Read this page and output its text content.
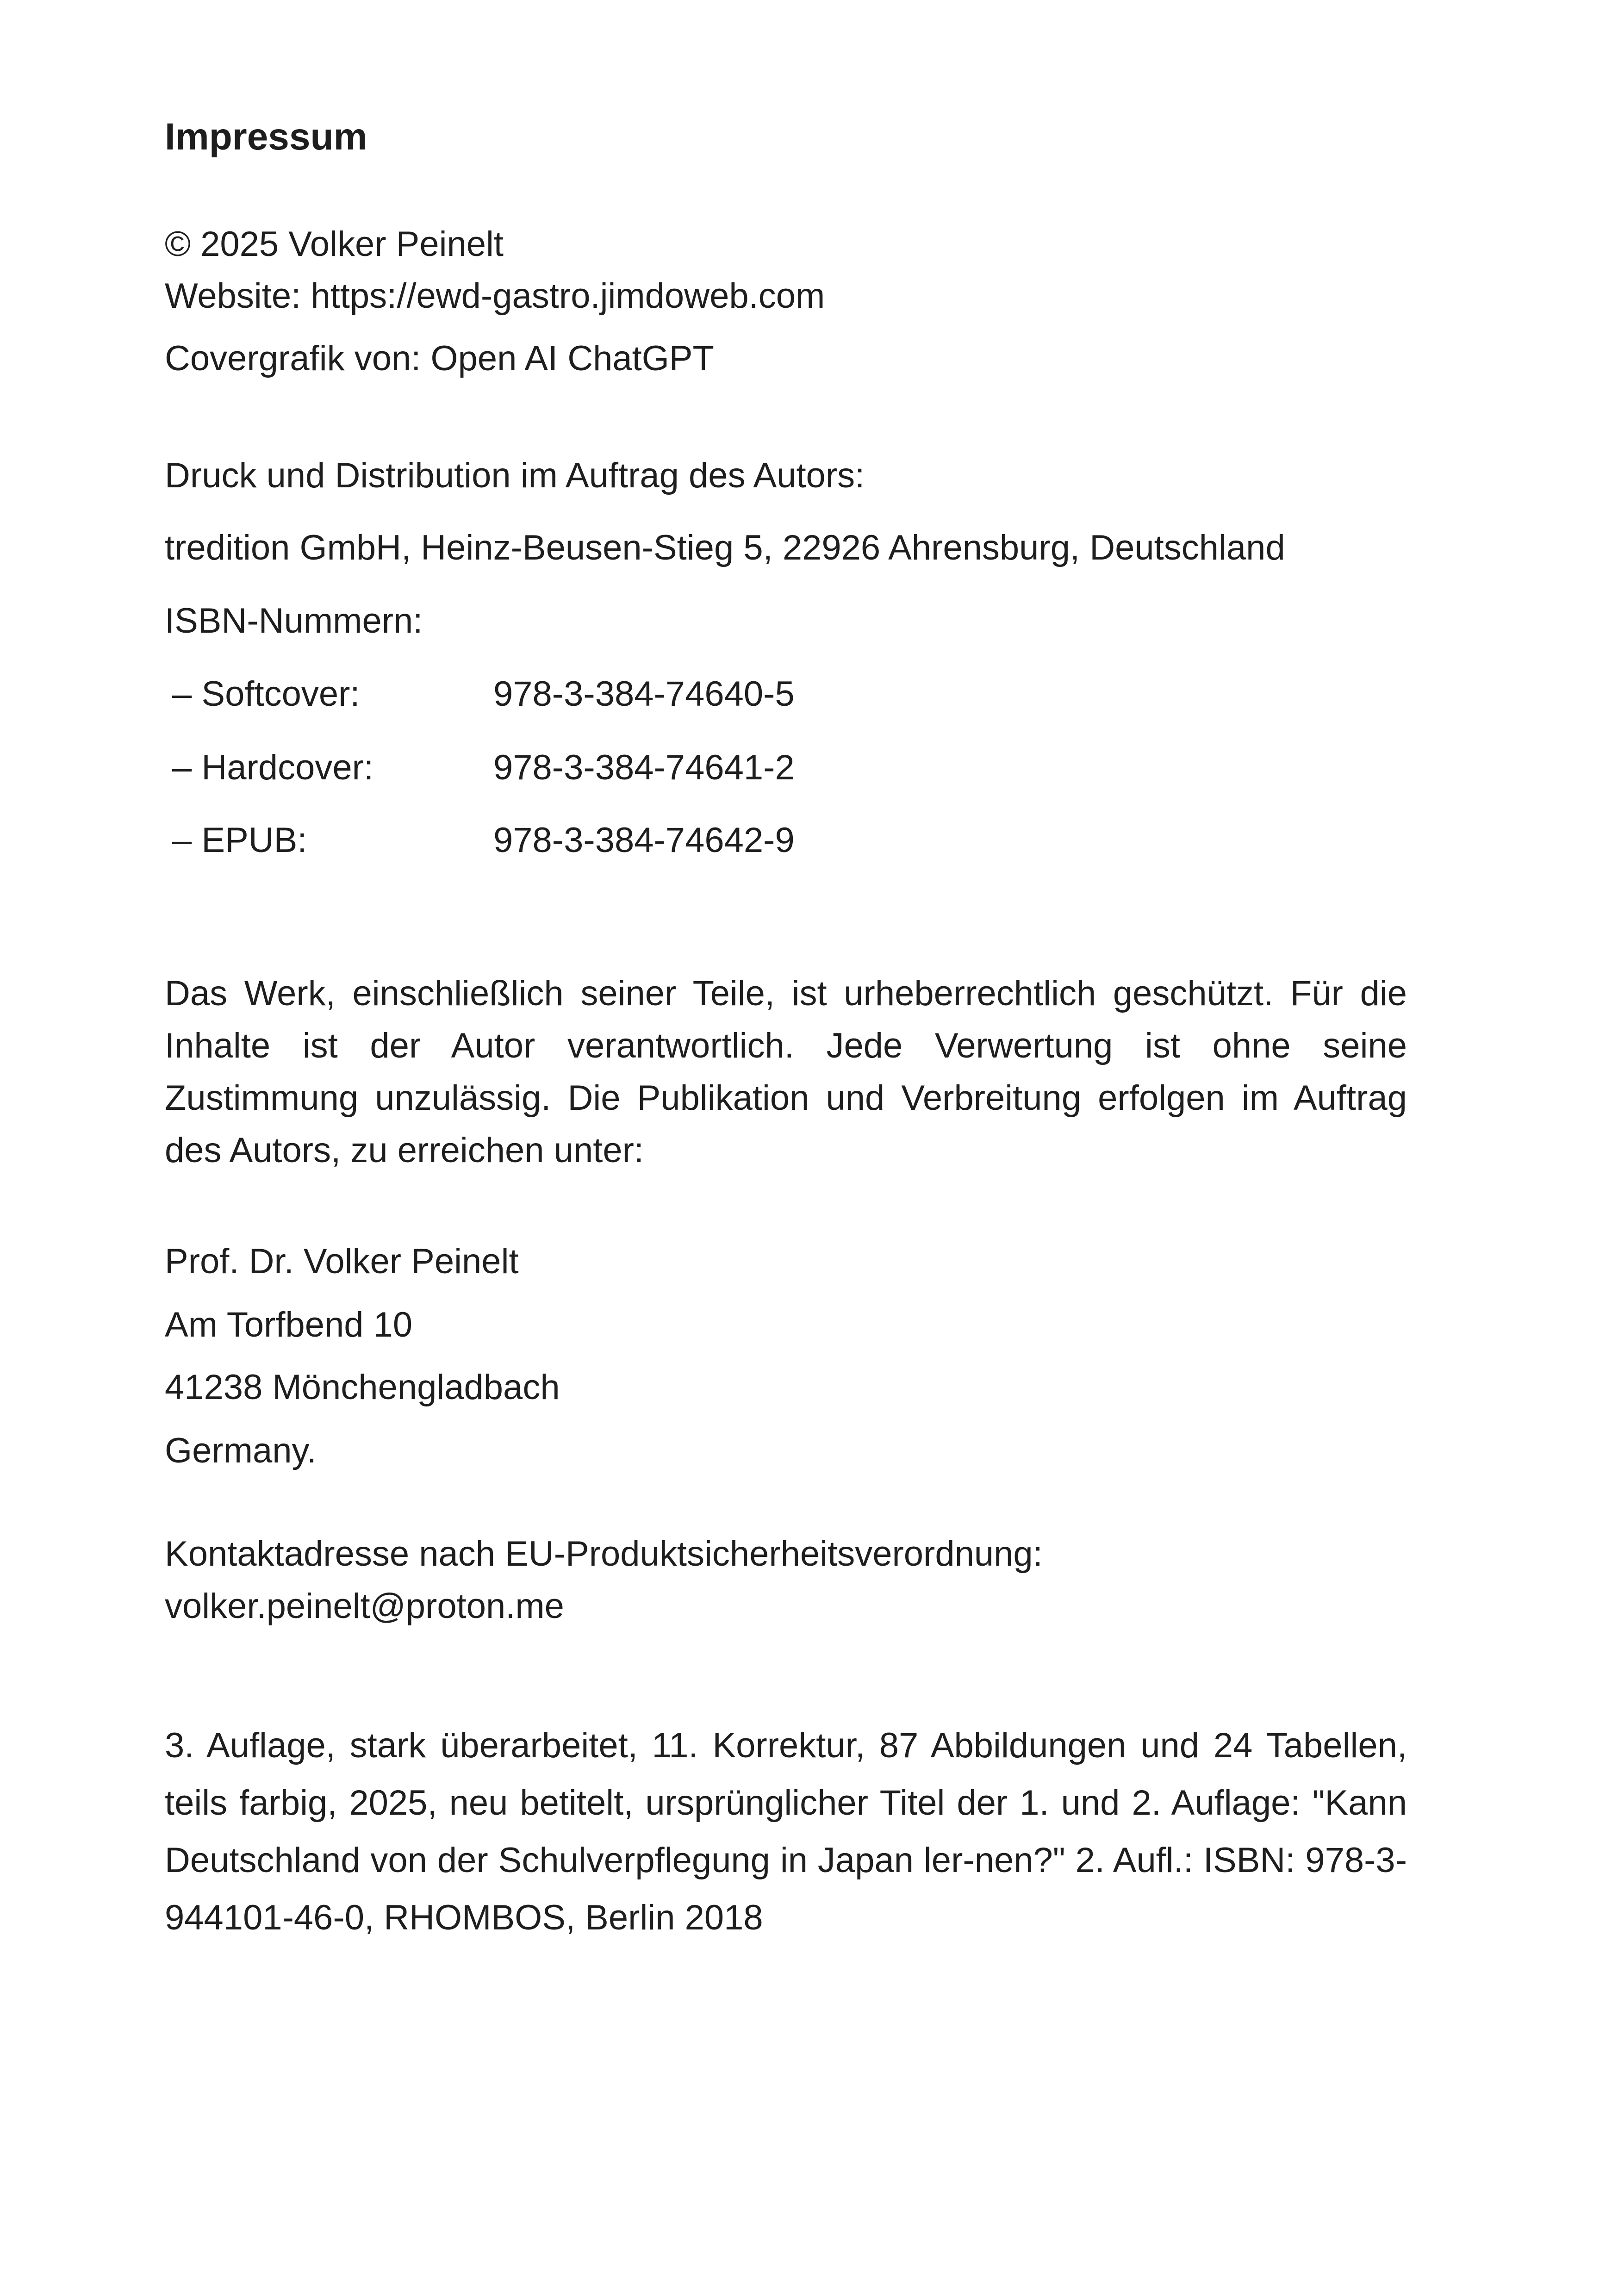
Impressum
© 2025 Volker Peinelt
Website: https://ewd-gastro.jimdoweb.com
Covergrafik von: Open AI ChatGPT
Druck und Distribution im Auftrag des Autors:
tredition GmbH, Heinz-Beusen-Stieg 5, 22926 Ahrensburg, Deutschland
ISBN-Nummern:
– Softcover:	978-3-384-74640-5
– Hardcover:	978-3-384-74641-2
– EPUB:	978-3-384-74642-9
Das Werk, einschließlich seiner Teile, ist urheberrechtlich geschützt. Für die Inhalte ist der Autor verantwortlich. Jede Verwertung ist ohne seine Zustimmung unzulässig. Die Publikation und Verbreitung erfolgen im Auftrag des Autors, zu erreichen unter:
Prof. Dr. Volker Peinelt
Am Torfbend 10
41238 Mönchengladbach
Germany.
Kontaktadresse nach EU-Produktsicherheitsverordnung:
volker.peinelt@proton.me
3. Auflage, stark überarbeitet, 11. Korrektur, 87 Abbildungen und 24 Tabellen, teils farbig, 2025, neu betitelt, ursprünglicher Titel der 1. und 2. Auflage: "Kann Deutschland von der Schulverpflegung in Japan ler-nen?" 2. Aufl.: ISBN: 978-3-944101-46-0, RHOMBOS, Berlin 2018
